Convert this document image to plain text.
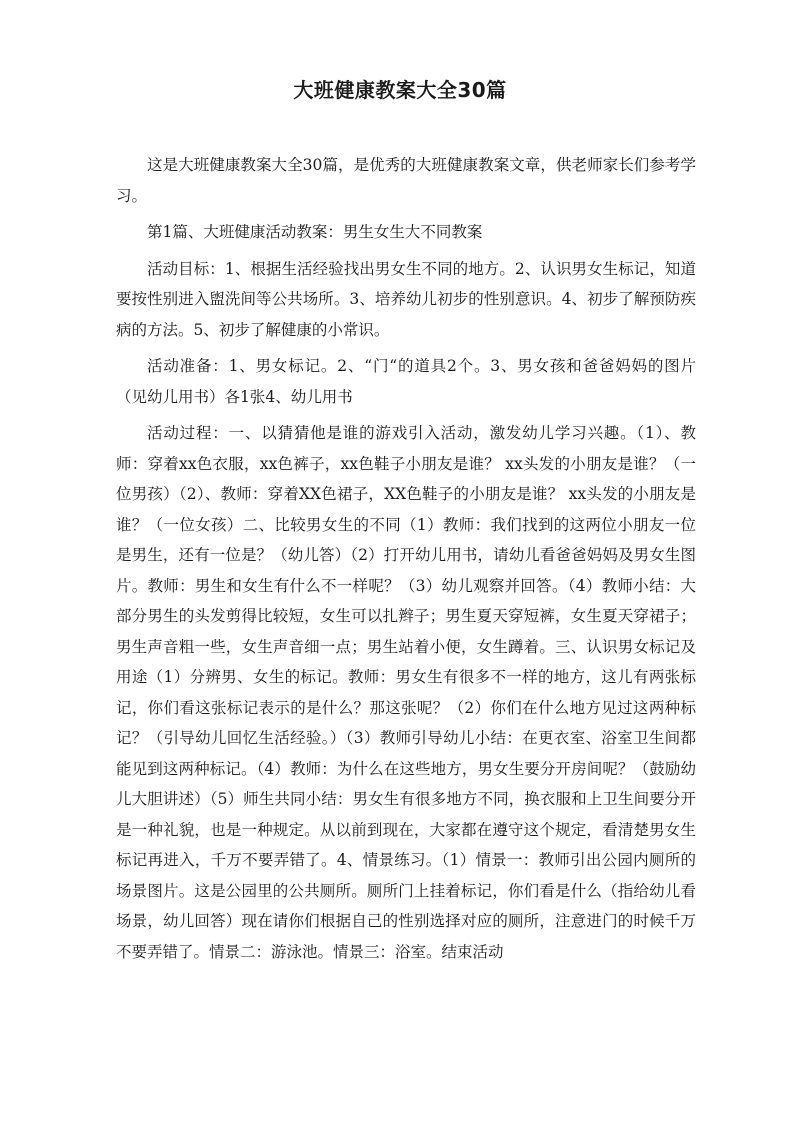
大班健康教案大全30篇

这是大班健康教案大全30篇，是优秀的大班健康教案文章，供老师家长们参考学习。

第1篇、大班健康活动教案：男生女生大不同教案

活动目标：1、根据生活经验找出男女生不同的地方。2、认识男女生标记，知道要按性别进入盥洗间等公共场所。3、培养幼儿初步的性别意识。4、初步了解预防疾病的方法。5、初步了解健康的小常识。

活动准备：1、男女标记。2、“门“的道具2个。3、男女孩和爸爸妈妈的图片（见幼儿用书）各1张4、幼儿用书

活动过程：一、以猜猜他是谁的游戏引入活动，激发幼儿学习兴趣。（1）、教师：穿着xx色衣服，xx色裤子，xx色鞋子小朋友是谁？ xx头发的小朋友是谁？（一位男孩）（2）、教师：穿着XX色裙子，XX色鞋子的小朋友是谁？ xx头发的小朋友是谁？（一位女孩）二、比较男女生的不同（1）教师：我们找到的这两位小朋友一位是男生，还有一位是？（幼儿答）（2）打开幼儿用书，请幼儿看爸爸妈妈及男女生图片。教师：男生和女生有什么不一样呢？（3）幼儿观察并回答。（4）教师小结：大部分男生的头发剪得比较短，女生可以扎辫子；男生夏天穿短裤，女生夏天穿裙子；男生声音粗一些，女生声音细一点；男生站着小便，女生蹲着。三、认识男女标记及用途（1）分辨男、女生的标记。教师：男女生有很多不一样的地方，这儿有两张标记，你们看这张标记表示的是什么？那这张呢？（2）你们在什么地方见过这两种标记？（引导幼儿回忆生活经验。）（3）教师引导幼儿小结：在更衣室、浴室卫生间都能见到这两种标记。（4）教师：为什么在这些地方，男女生要分开房间呢？（鼓励幼儿大胆讲述）（5）师生共同小结：男女生有很多地方不同，换衣服和上卫生间要分开是一种礼貌，也是一种规定。从以前到现在，大家都在遵守这个规定，看清楚男女生标记再进入，千万不要弄错了。4、情景练习。（1）情景一：教师引出公园内厕所的场景图片。这是公园里的公共厕所。厕所门上挂着标记，你们看是什么（指给幼儿看场景，幼儿回答）现在请你们根据自己的性别选择对应的厕所，注意进门的时候千万不要弄错了。情景二：游泳池。情景三：浴室。结束活动
